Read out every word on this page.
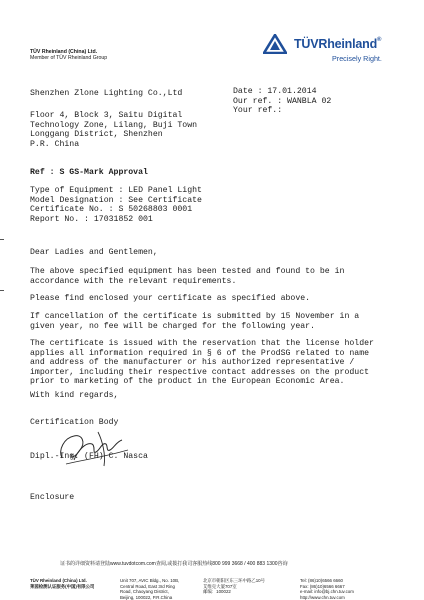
TÜV Rheinland (China) Ltd.
Member of TÜV Rheinland Group
TÜVRheinland®
Precisely Right.
Shenzhen Zlone Lighting Co.,Ltd
Floor 4, Block 3, Saitu Digital
Technology Zone, Lilang, Buji Town
Longgang District, Shenzhen
P.R. China
Date : 17.01.2014
Our ref. : WANBLA 02
Your ref.:
Ref : S GS-Mark Approval
Type of Equipment : LED Panel Light
Model Designation : See Certificate
Certificate No. : S 50268803 0001
Report No. : 17031852 001
Dear Ladies and Gentlemen,
The above specified equipment has been tested and found to be in
accordance with the relevant requirements.
Please find enclosed your certificate as specified above.
If cancellation of the certificate is submitted by 15 November in a
given year, no fee will be charged for the following year.
The certificate is issued with the reservation that the license holder
applies all information required in § 6 of the ProdSG related to name
and address of the manufacturer or his authorized representative /
importer, including their respective contact addresses on the product
prior to marketing of the product in the European Economic Area.
With kind regards,
Certification Body
Dipl.-Ing. (FH) C. Nasca
Enclosure
证书的详细资料请登陆www.tuvdotcom.com查阅,或拨打我司客服热线800 999 3668 / 400 883 1300咨询
TÜV Rheinland (China) Ltd.
莱茵检测认证服务(中国)有限公司
Unit 707, AVIC Bldg., No. 10B,
Central Road, East 3rd Ring
Road, Chaoyang District,
Beijing, 100022, P.R.China
北京市朝阳区东三环中路乙10号
艾维克大厦707室
邮编：100022
Tel: (86)10)6566 6660
Fax: (86)10)6566 6667
e-mail: info@bj.chn.tuv.com
http://www.chn.tuv.com
